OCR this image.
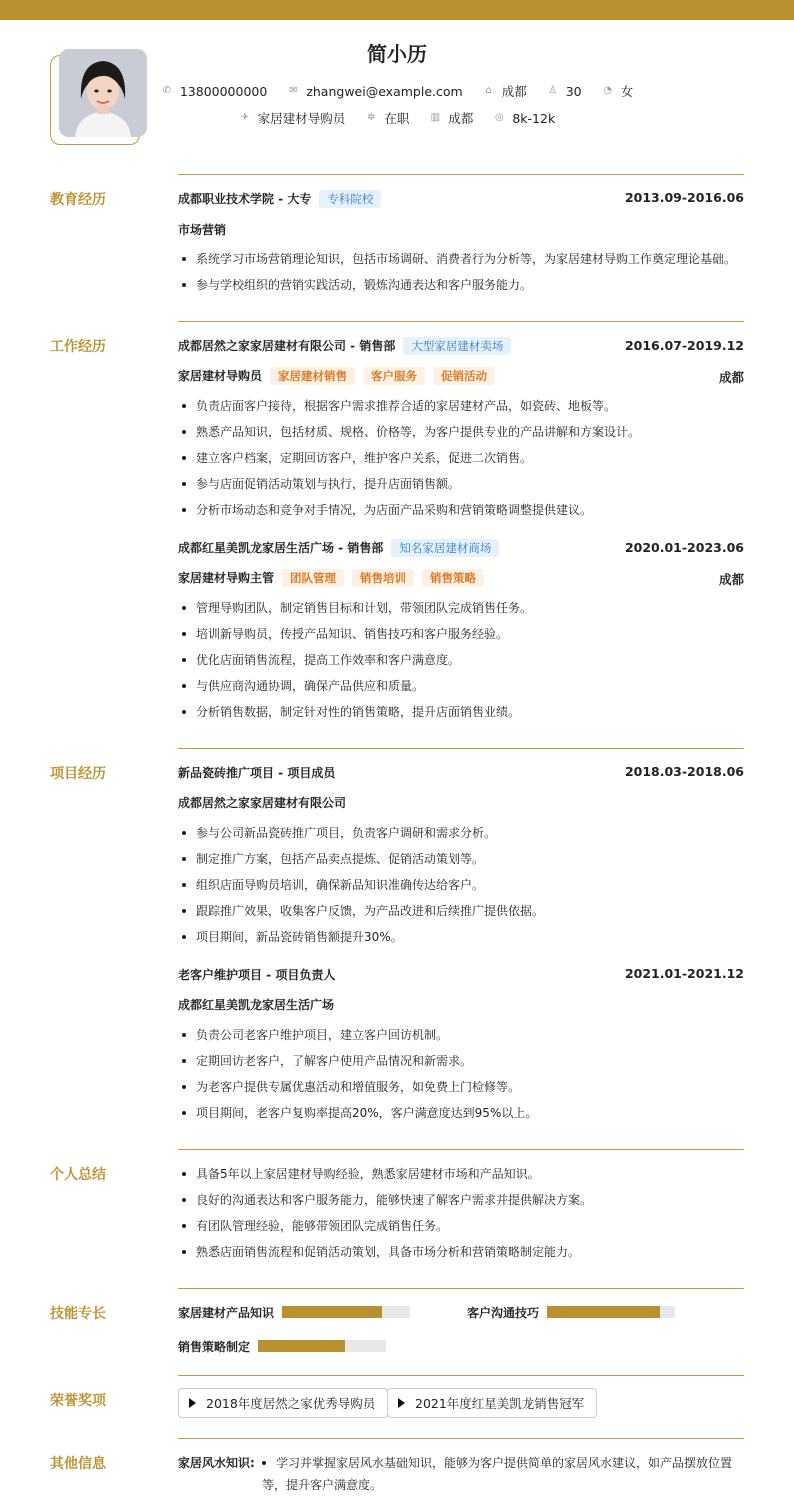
简小历
✆ 13800000000 ✉ zhangwei@example.com ⌂ 成都 ♙ 30 ◔ 女
✈ 家居建材导购员 ✲ 在职 ▥ 成都 ◎ 8k-12k
教育经历	成都职业技术学院 - 大专 专科院校	2013.09-2016.06
市场营销
系统学习市场营销理论知识，包括市场调研、消费者行为分析等，为家居建材导购工作奠定理论基础。
参与学校组织的营销实践活动，锻炼沟通表达和客户服务能力。
工作经历	成都居然之家家居建材有限公司 - 销售部 大型家居建材卖场	2016.07-2019.12
家居建材导购员 家居建材销售 客户服务 促销活动	成都
负责店面客户接待，根据客户需求推荐合适的家居建材产品，如瓷砖、地板等。
熟悉产品知识，包括材质、规格、价格等，为客户提供专业的产品讲解和方案设计。
建立客户档案，定期回访客户，维护客户关系，促进二次销售。
参与店面促销活动策划与执行，提升店面销售额。
分析市场动态和竞争对手情况，为店面产品采购和营销策略调整提供建议。
成都红星美凯龙家居生活广场 - 销售部 知名家居建材商场	2020.01-2023.06
家居建材导购主管 团队管理 销售培训 销售策略	成都
管理导购团队，制定销售目标和计划，带领团队完成销售任务。
培训新导购员，传授产品知识、销售技巧和客户服务经验。
优化店面销售流程，提高工作效率和客户满意度。
与供应商沟通协调，确保产品供应和质量。
分析销售数据，制定针对性的销售策略，提升店面销售业绩。
项目经历	新品瓷砖推广项目 - 项目成员	2018.03-2018.06
成都居然之家家居建材有限公司
参与公司新品瓷砖推广项目，负责客户调研和需求分析。
制定推广方案，包括产品卖点提炼、促销活动策划等。
组织店面导购员培训，确保新品知识准确传达给客户。
跟踪推广效果，收集客户反馈，为产品改进和后续推广提供依据。
项目期间，新品瓷砖销售额提升30%。
老客户维护项目 - 项目负责人	2021.01-2021.12
成都红星美凯龙家居生活广场
负责公司老客户维护项目，建立客户回访机制。
定期回访老客户，了解客户使用产品情况和新需求。
为老客户提供专属优惠活动和增值服务，如免费上门检修等。
项目期间，老客户复购率提高20%，客户满意度达到95%以上。
个人总结	具备5年以上家居建材导购经验，熟悉家居建材市场和产品知识。
良好的沟通表达和客户服务能力，能够快速了解客户需求并提供解决方案。
有团队管理经验，能够带领团队完成销售任务。
熟悉店面销售流程和促销活动策划，具备市场分析和营销策略制定能力。
技能专长	家居建材产品知识	客户沟通技巧
销售策略制定
荣誉奖项	2018年度居然之家优秀导购员	2021年度红星美凯龙销售冠军
其他信息	家居风水知识:	学习并掌握家居风水基础知识，能够为客户提供简单的家居风水建议，如产品摆放位置
等，提升客户满意度。
